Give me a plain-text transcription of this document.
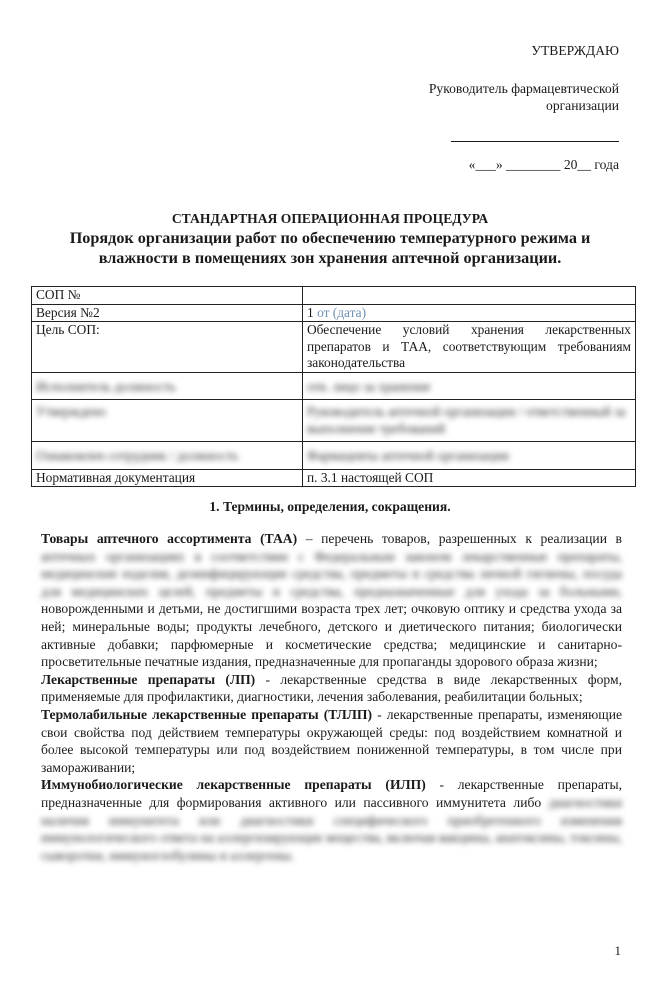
УТВЕРЖДАЮ
Руководитель фармацевтической
организации
«___» ________ 20__ года
СТАНДАРТНАЯ ОПЕРАЦИОННАЯ ПРОЦЕДУРА
Порядок организации работ по обеспечению температурного режима и
влажности в помещениях зон хранения аптечной организации.
СОП №	
Версия №2	1 от (дата)
Цель СОП:	Обеспечение условий хранения лекарственных препаратов и ТАА, соответствующим требованиям законодательства

Исполнитель должность	отв. лицо за хранение

Утверждено	Руководитель аптечной организации / ответственный за выполнение требований

Ознакомлен сотрудник / должность	Фармацевты аптечной организации

Нормативная документация	п. 3.1 настоящей СОП
1. Термины, определения, сокращения.

Товары аптечного ассортимента (ТАА) – перечень товаров, разрешенных к реализации в аптечных организациях в соответствии с Федеральным законом лекарственные препараты, медицинские изделия, дезинфицирующие средства, предметы и средства личной гигиены, посуда для медицинских целей, предметы и средства, предназначенные для ухода за больными, новорожденными и детьми, не достигшими возраста трех лет; очковую оптику и средства ухода за ней; минеральные воды; продукты лечебного, детского и диетического питания; биологически активные добавки; парфюмерные и косметические средства; медицинские и санитарно-просветительные печатные издания, предназначенные для пропаганды здорового образа жизни;

Лекарственные препараты (ЛП) - лекарственные средства в виде лекарственных форм, применяемые для профилактики, диагностики, лечения заболевания, реабилитации больных;

Термолабильные лекарственные препараты (ТЛЛП) - лекарственные препараты, изменяющие свои свойства под действием температуры окружающей среды: под воздействием комнатной и более высокой температуры или под воздействием пониженной температуры, в том числе при замораживании;

Иммунобиологические лекарственные препараты (ИЛП) - лекарственные препараты, предназначенные для формирования активного или пассивного иммунитета либо диагностики наличия иммунитета или диагностики специфического приобретенного изменения иммунологического ответа на аллергизирующие вещества, включая вакцины, анатоксины, токсины, сыворотки, иммуноглобулины и аллергены.

1
